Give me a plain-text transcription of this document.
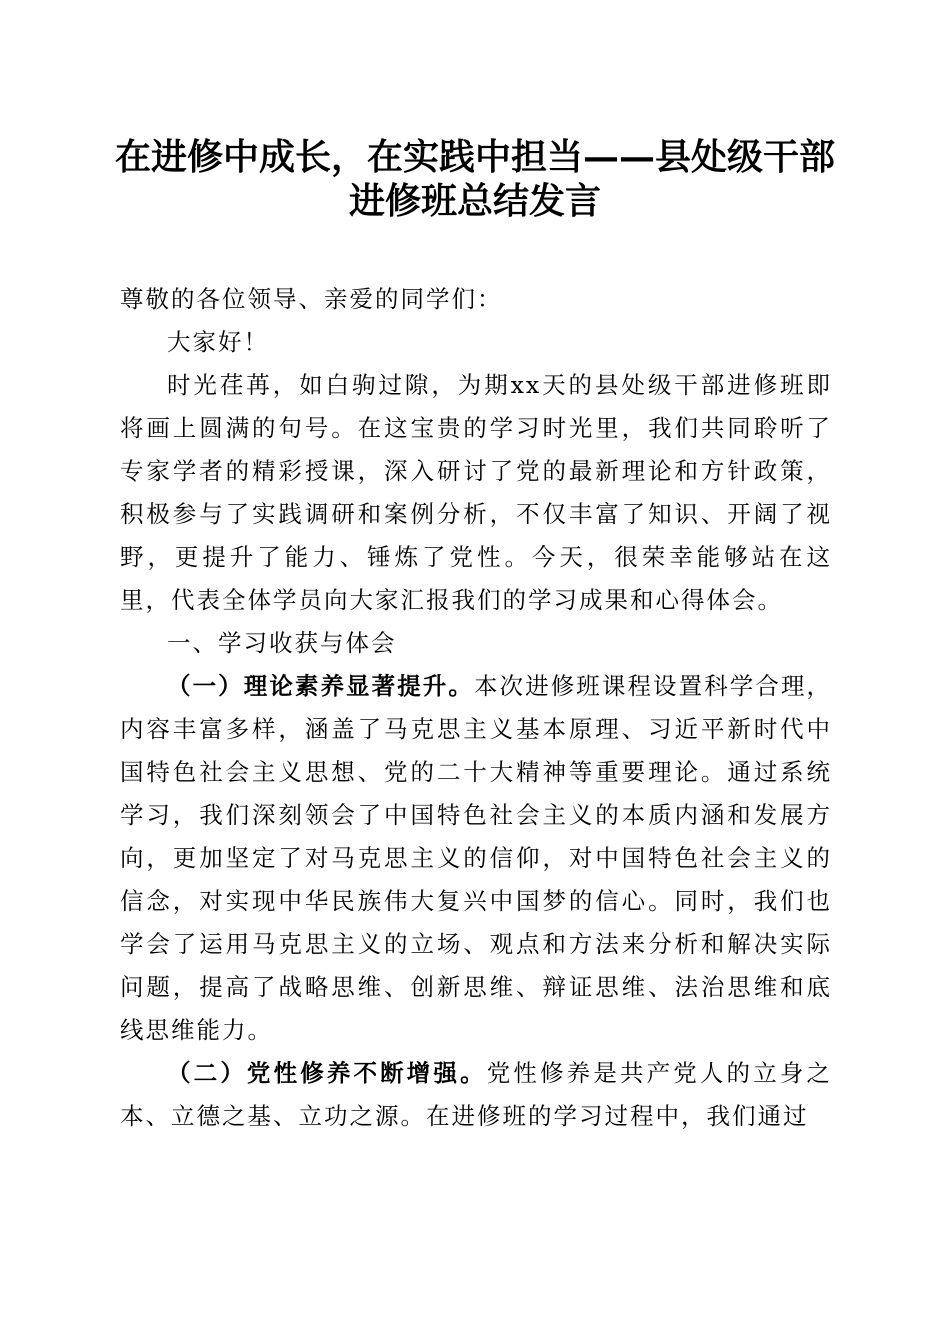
在进修中成长，在实践中担当——县处级干部
进修班总结发言

尊敬的各位领导、亲爱的同学们：

大家好！

时光荏苒，如白驹过隙，为期xx天的县处级干部进修班即将画上圆满的句号。在这宝贵的学习时光里，我们共同聆听了专家学者的精彩授课，深入研讨了党的最新理论和方针政策，积极参与了实践调研和案例分析，不仅丰富了知识、开阔了视野，更提升了能力、锤炼了党性。今天，很荣幸能够站在这里，代表全体学员向大家汇报我们的学习成果和心得体会。

一、学习收获与体会

（一）理论素养显著提升。本次进修班课程设置科学合理，内容丰富多样，涵盖了马克思主义基本原理、习近平新时代中国特色社会主义思想、党的二十大精神等重要理论。通过系统学习，我们深刻领会了中国特色社会主义的本质内涵和发展方向，更加坚定了对马克思主义的信仰，对中国特色社会主义的信念，对实现中华民族伟大复兴中国梦的信心。同时，我们也学会了运用马克思主义的立场、观点和方法来分析和解决实际问题，提高了战略思维、创新思维、辩证思维、法治思维和底线思维能力。

（二）党性修养不断增强。党性修养是共产党人的立身之本、立德之基、立功之源。在进修班的学习过程中，我们通过
